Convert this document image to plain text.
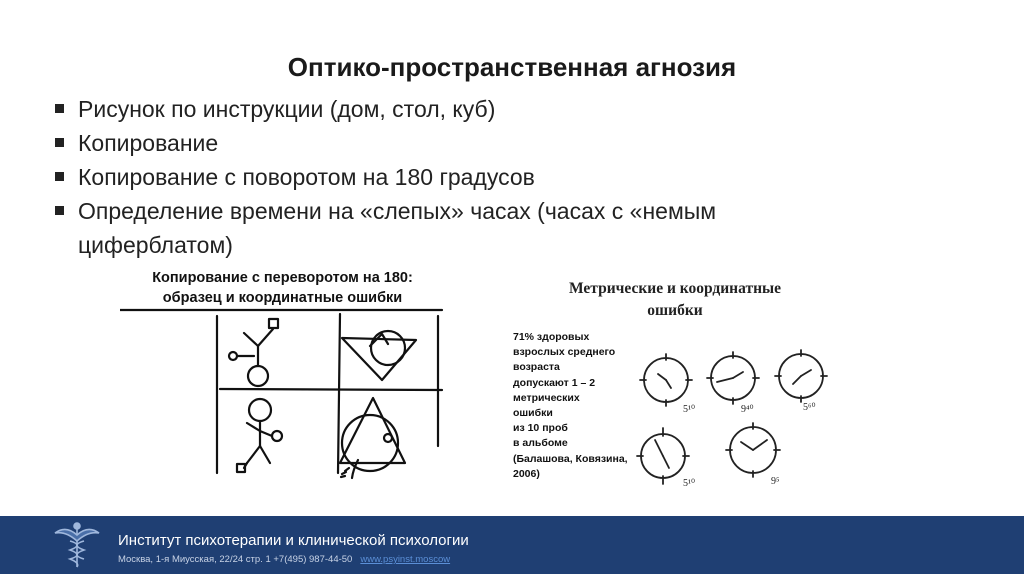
Оптико-пространственная агнозия
Рисунок по инструкции (дом, стол, куб)
Копирование
Копирование с поворотом на 180 градусов
Определение времени на «слепых» часах (часах с «немым
циферблатом)
Копирование с переворотом на 180:
образец и координатные ошибки
Метрические и координатные
ошибки
71% здоровых
взрослых среднего
возраста
допускают 1 – 2
метрических
ошибки
из 10 проб
в альбоме
(Балашова, Ковязина,
2006)
5¹⁰	9⁴⁰	5⁶⁰
5¹⁰	9⁵
Институт психотерапии и клинической психологии
Москва, 1-я Миусская, 22/24 стр. 1 +7(495) 987-44-50 www.psyinst.moscow
